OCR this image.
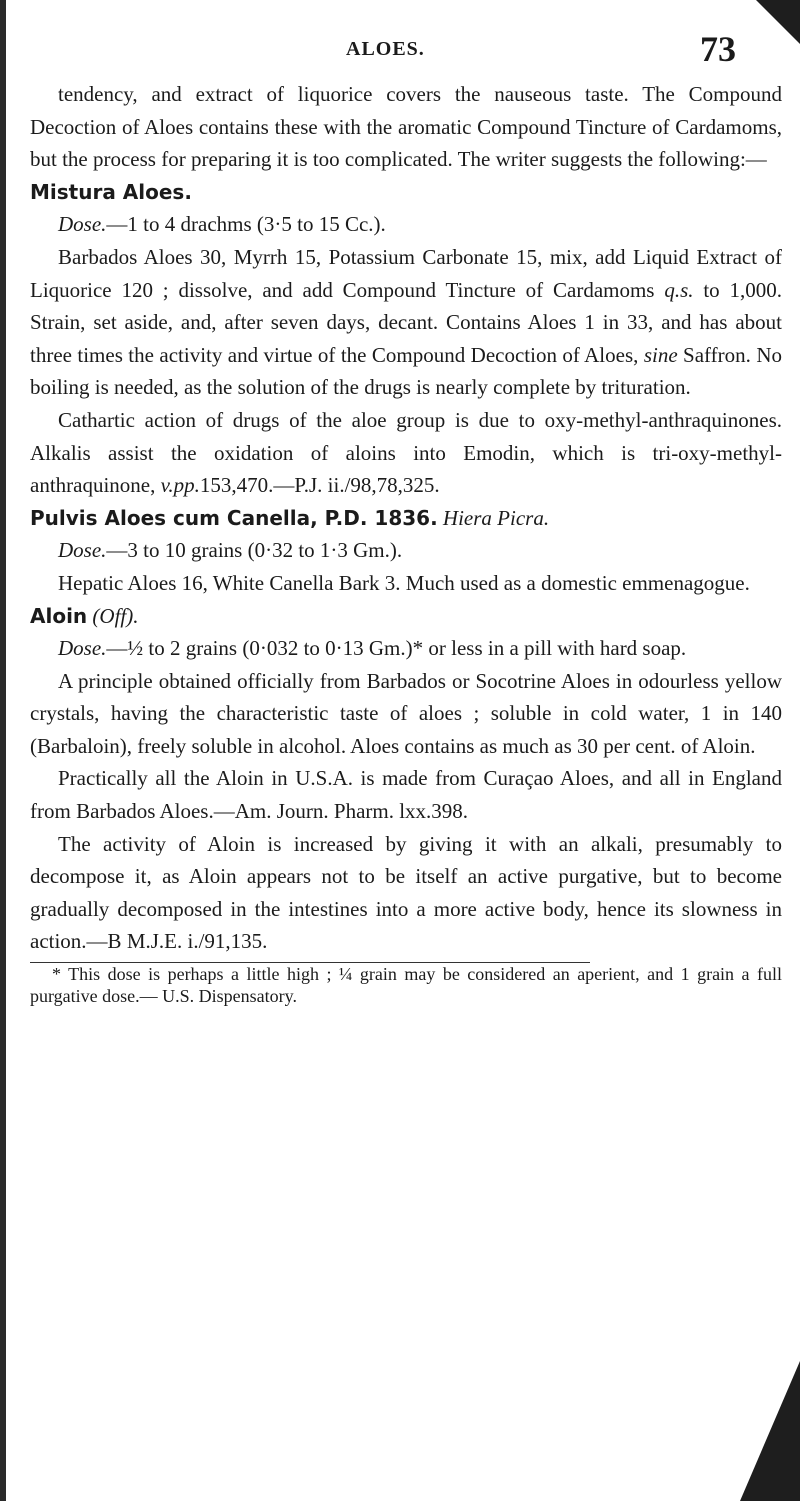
ALOES.	73

tendency, and extract of liquorice covers the nauseous taste. The Compound Decoction of Aloes contains these with the aromatic Compound Tincture of Cardamoms, but the process for preparing it is too complicated. The writer suggests the following:—

Mistura Aloes.

Dose.—1 to 4 drachms (3·5 to 15 Cc.).

Barbados Aloes 30, Myrrh 15, Potassium Carbonate 15, mix, add Liquid Extract of Liquorice 120 ; dissolve, and add Compound Tincture of Cardamoms q.s. to 1,000. Strain, set aside, and, after seven days, decant. Contains Aloes 1 in 33, and has about three times the activity and virtue of the Compound Decoction of Aloes, sine Saffron. No boiling is needed, as the solution of the drugs is nearly complete by trituration.

Cathartic action of drugs of the aloe group is due to oxy-methyl-anthraquinones. Alkalis assist the oxidation of aloins into Emodin, which is tri-oxy-methyl-anthraquinone, v.pp.153,470.—P.J. ii./98,78,325.

Pulvis Aloes cum Canella, P.D. 1836. Hiera Picra.

Dose.—3 to 10 grains (0·32 to 1·3 Gm.).

Hepatic Aloes 16, White Canella Bark 3. Much used as a domestic emmenagogue.

Aloin (Off).

Dose.—½ to 2 grains (0·032 to 0·13 Gm.)* or less in a pill with hard soap.

A principle obtained officially from Barbados or Socotrine Aloes in odourless yellow crystals, having the characteristic taste of aloes ; soluble in cold water, 1 in 140 (Barbaloin), freely soluble in alcohol. Aloes contains as much as 30 per cent. of Aloin.

Practically all the Aloin in U.S.A. is made from Curaçao Aloes, and all in England from Barbados Aloes.—Am. Journ. Pharm. lxx.398.

The activity of Aloin is increased by giving it with an alkali, presumably to decompose it, as Aloin appears not to be itself an active purgative, but to become gradually decomposed in the intestines into a more active body, hence its slowness in action.—B M.J.E. i./91,135.

* This dose is perhaps a little high ; ¼ grain may be considered an aperient, and 1 grain a full purgative dose.— U.S. Dispensatory.
